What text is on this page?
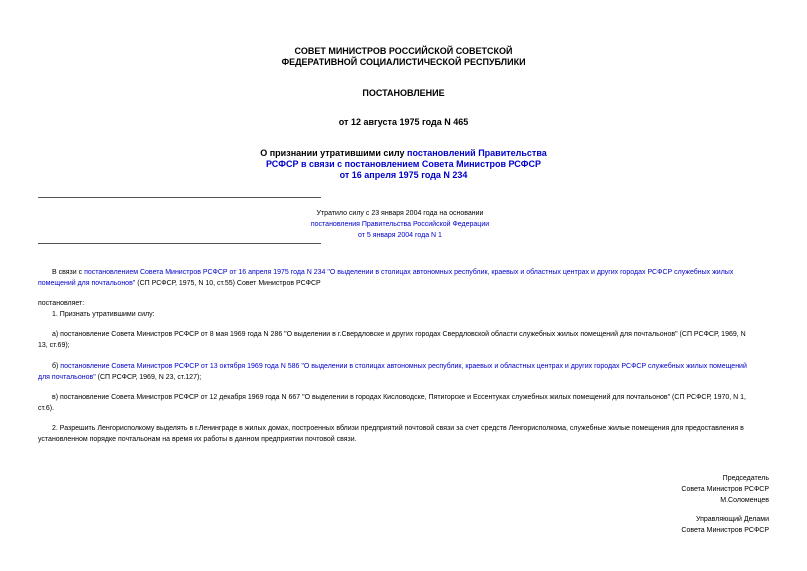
СОВЕТ МИНИСТРОВ РОССИЙСКОЙ СОВЕТСКОЙ
ФЕДЕРАТИВНОЙ СОЦИАЛИСТИЧЕСКОЙ РЕСПУБЛИКИ
ПОСТАНОВЛЕНИЕ
от 12 августа 1975 года N 465
О признании утратившими силу постановлений Правительства
РСФСР в связи с постановлением Совета Министров РСФСР
от 16 апреля 1975 года N 234
Утратило силу с 23 января 2004 года на основании
постановления Правительства Российской Федерации
от 5 января 2004 года N 1
В связи с постановлением Совета Министров РСФСР от 16 апреля 1975 года N 234 "О выделении в столицах автономных республик, краевых и областных центрах и других городах РСФСР служебных жилых
помещений для почтальонов" (СП РСФСР, 1975, N 10, ст.55) Совет Министров РСФСР
постановляет:
1. Признать утратившими силу:
а) постановление Совета Министров РСФСР от 8 мая 1969 года N 286 "О выделении в г.Свердловске и других городах Свердловской области служебных жилых помещений для почтальонов" (СП РСФСР, 1969, N
13, ст.69);
б) постановление Совета Министров РСФСР от 13 октября 1969 года N 586 "О выделении в столицах автономных республик, краевых и областных центрах и других городах РСФСР служебных жилых помещений
для почтальонов" (СП РСФСР, 1969, N 23, ст.127);
в) постановление Совета Министров РСФСР от 12 декабря 1969 года N 667 "О выделении в городах Кисловодске, Пятигорске и Ессентуках служебных жилых помещений для почтальонов" (СП РСФСР, 1970, N 1,
ст.6).
2. Разрешить Ленгорисполкому выделять в г.Ленинграде в жилых домах, построенных вблизи предприятий почтовой связи за счет средств Ленгорисполкома, служебные жилые помещения для предоставления в
установленном порядке почтальонам на время их работы в данном предприятии почтовой связи.
Председатель
Совета Министров РСФСР
М.Соломенцев
Управляющий Делами
Совета Министров РСФСР
